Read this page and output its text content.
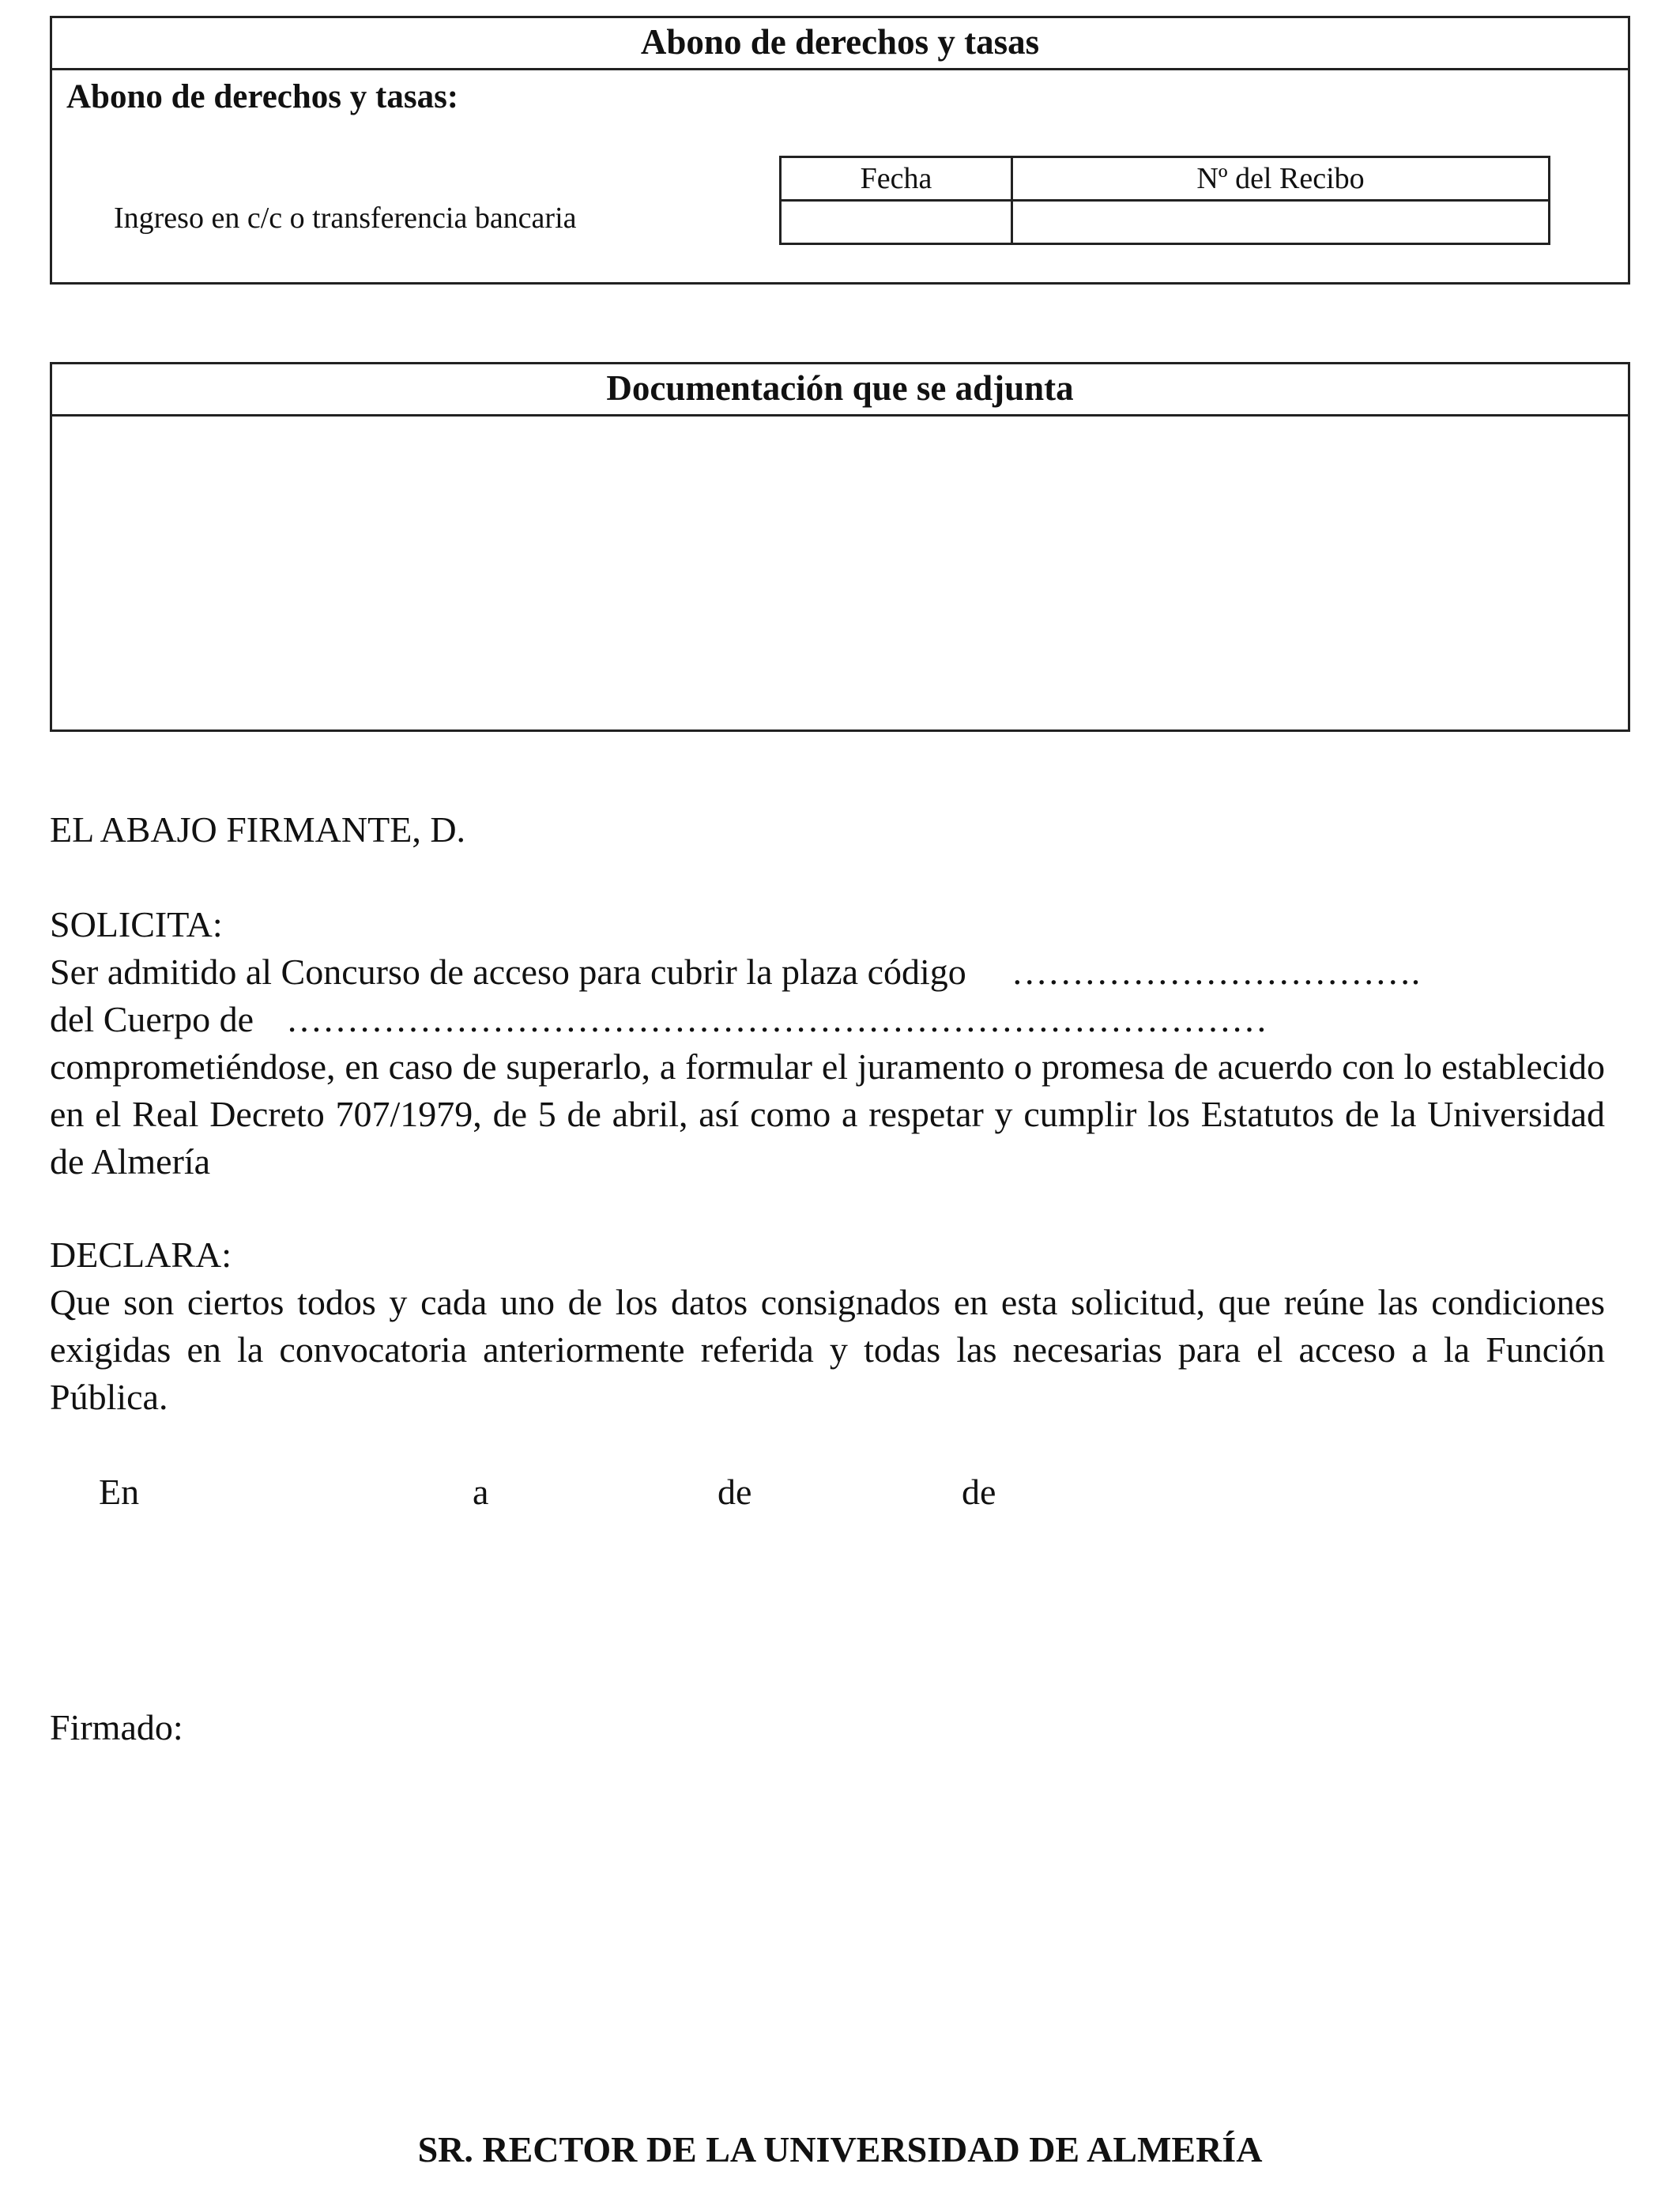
Abono de derechos y tasas
Abono de derechos y tasas:
Ingreso en c/c o transferencia bancaria
Fecha	Nº del Recibo

Documentación que se adjunta
EL ABAJO FIRMANTE, D.
SOLICITA:
Ser admitido al Concurso de acceso para cubrir la plaza código …………………………….
del Cuerpo de ………………………………………………………………………
comprometiéndose, en caso de superarlo, a formular el juramento o promesa de acuerdo con lo establecido en el Real Decreto 707/1979, de 5 de abril, así como a respetar y cumplir los Estatutos de la Universidad de Almería
DECLARA:
Que son ciertos todos y cada uno de los datos consignados en esta solicitud, que reúne las condiciones exigidas en la convocatoria anteriormente referida y todas las necesarias para el acceso a la Función Pública.
En	a	de	de
Firmado:
SR. RECTOR DE LA UNIVERSIDAD DE ALMERÍA
